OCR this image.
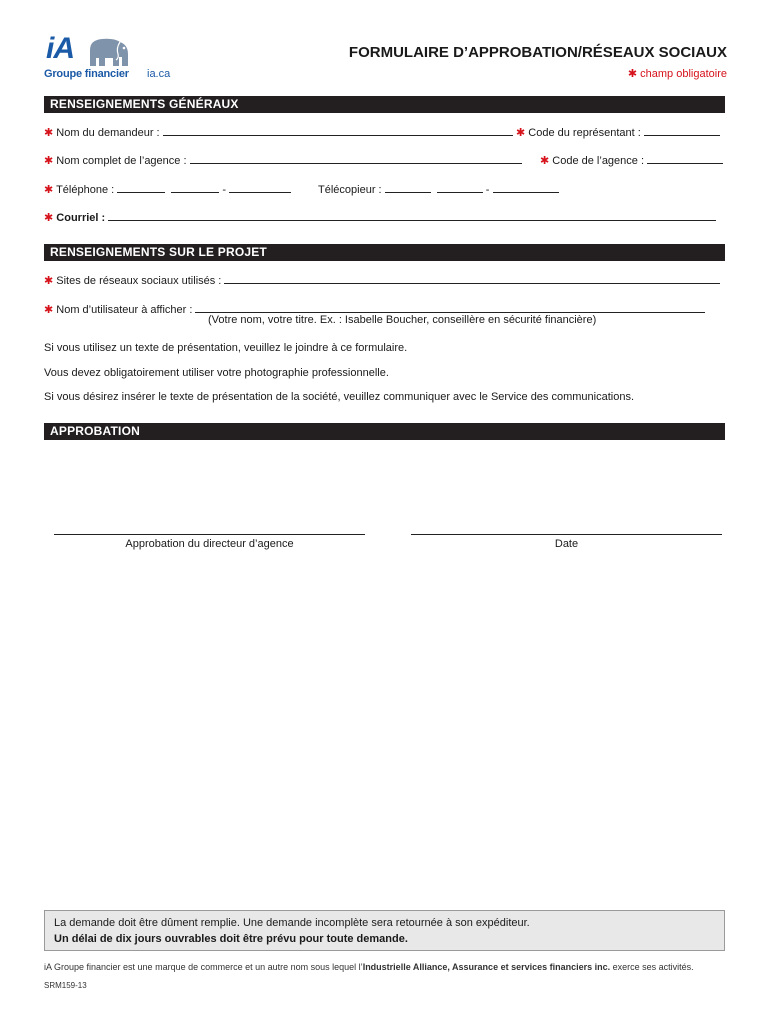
iA
Groupe financier ia.ca
FORMULAIRE D’APPROBATION/RÉSEAUX SOCIAUX
✱ champ obligatoire
RENSEIGNEMENTS GÉNÉRAUX
✱ Nom du demandeur :	✱ Code du représentant :
✱ Nom complet de l’agence :	✱ Code de l’agence :
✱ Téléphone :	-	Télécopieur :	-
✱ Courriel :
RENSEIGNEMENTS SUR LE PROJET
✱ Sites de réseaux sociaux utilisés :
✱ Nom d’utilisateur à afficher :
(Votre nom, votre titre. Ex. : Isabelle Boucher, conseillère en sécurité financière)
Si vous utilisez un texte de présentation, veuillez le joindre à ce formulaire.
Vous devez obligatoirement utiliser votre photographie professionnelle.
Si vous désirez insérer le texte de présentation de la société, veuillez communiquer avec le Service des communications.
APPROBATION
Approbation du directeur d’agence	Date
La demande doit être dûment remplie. Une demande incomplète sera retournée à son expéditeur.
Un délai de dix jours ouvrables doit être prévu pour toute demande.
iA Groupe financier est une marque de commerce et un autre nom sous lequel l’Industrielle Alliance, Assurance et services financiers inc. exerce ses activités.
SRM159-13
